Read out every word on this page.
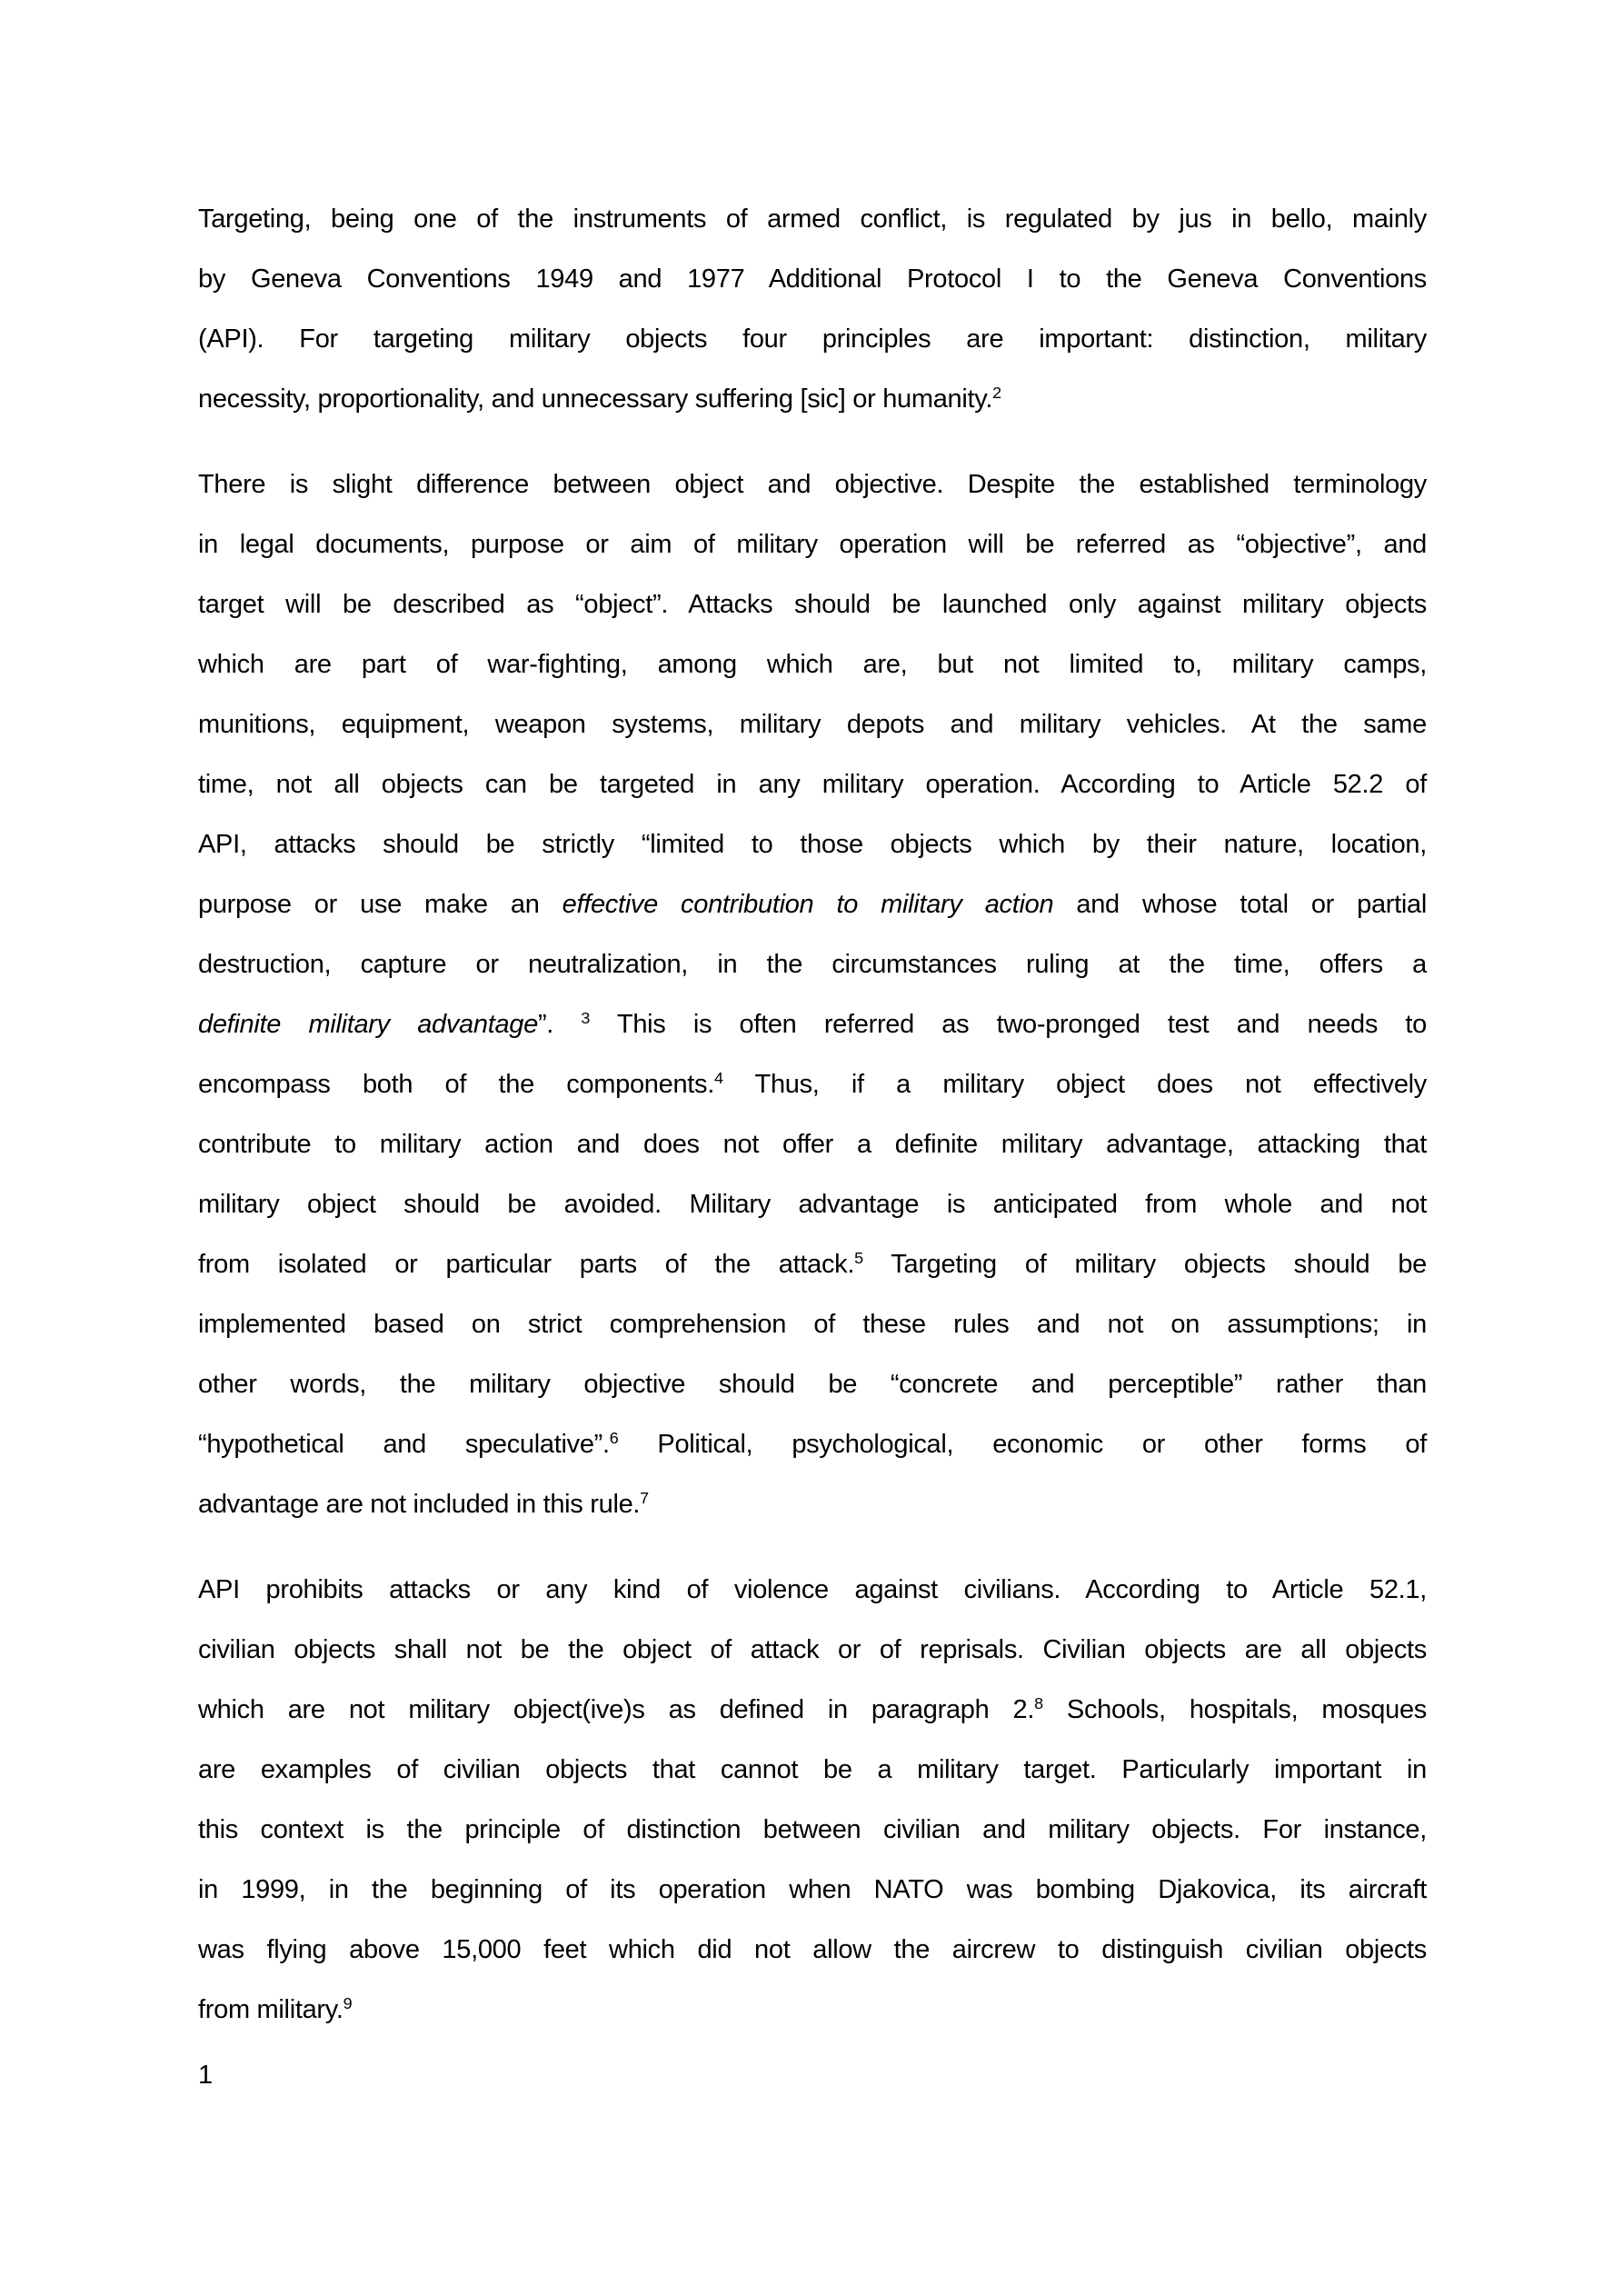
Targeting, being one of the instruments of armed conflict, is regulated by jus in bello, mainly
by Geneva Conventions 1949 and 1977 Additional Protocol I to the Geneva Conventions
(API). For targeting military objects four principles are important: distinction, military
necessity, proportionality, and unnecessary suffering [sic] or humanity.$^2$
There is slight difference between object and objective. Despite the established terminology
in legal documents, purpose or aim of military operation will be referred as “objective”, and
target will be described as “object”. Attacks should be launched only against military objects
which are part of war-fighting, among which are, but not limited to, military camps,
munitions, equipment, weapon systems, military depots and military vehicles. At the same
time, not all objects can be targeted in any military operation. According to Article 52.2 of
API, attacks should be strictly “limited to those objects which by their nature, location,
purpose or use make an effective contribution to military action and whose total or partial
destruction, capture or neutralization, in the circumstances ruling at the time, offers a
definite military advantage”. $^3$ This is often referred as two-pronged test and needs to
encompass both of the components.$^4$ Thus, if a military object does not effectively
contribute to military action and does not offer a definite military advantage, attacking that
military object should be avoided. Military advantage is anticipated from whole and not
from isolated or particular parts of the attack.$^5$ Targeting of military objects should be
implemented based on strict comprehension of these rules and not on assumptions; in
other words, the military objective should be “concrete and perceptible” rather than
“hypothetical and speculative”.$^6$ Political, psychological, economic or other forms of
advantage are not included in this rule.$^7$
API prohibits attacks or any kind of violence against civilians. According to Article 52.1,
civilian objects shall not be the object of attack or of reprisals. Civilian objects are all objects
which are not military object(ive)s as defined in paragraph 2.$^8$ Schools, hospitals, mosques
are examples of civilian objects that cannot be a military target. Particularly important in
this context is the principle of distinction between civilian and military objects. For instance,
in 1999, in the beginning of its operation when NATO was bombing Djakovica, its aircraft
was flying above 15,000 feet which did not allow the aircrew to distinguish civilian objects
from military.$^9$
1
